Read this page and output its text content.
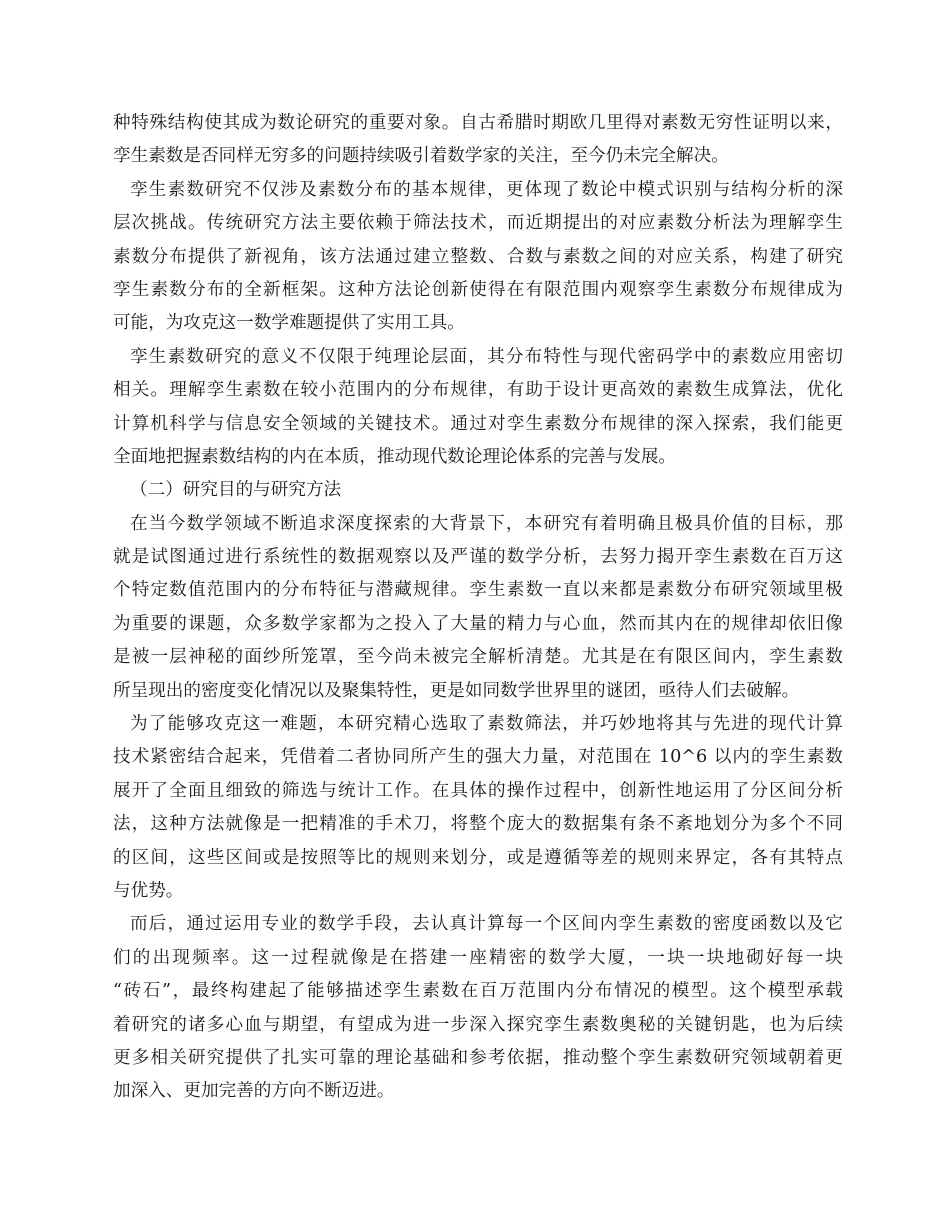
种特殊结构使其成为数论研究的重要对象。自古希腊时期欧几里得对素数无穷性证明以来，
孪生素数是否同样无穷多的问题持续吸引着数学家的关注，至今仍未完全解决。
孪生素数研究不仅涉及素数分布的基本规律，更体现了数论中模式识别与结构分析的深
层次挑战。传统研究方法主要依赖于筛法技术，而近期提出的对应素数分析法为理解孪生
素数分布提供了新视角，该方法通过建立整数、合数与素数之间的对应关系，构建了研究
孪生素数分布的全新框架。这种方法论创新使得在有限范围内观察孪生素数分布规律成为
可能，为攻克这一数学难题提供了实用工具。
孪生素数研究的意义不仅限于纯理论层面，其分布特性与现代密码学中的素数应用密切
相关。理解孪生素数在较小范围内的分布规律，有助于设计更高效的素数生成算法，优化
计算机科学与信息安全领域的关键技术。通过对孪生素数分布规律的深入探索，我们能更
全面地把握素数结构的内在本质，推动现代数论理论体系的完善与发展。
（二）研究目的与研究方法
在当今数学领域不断追求深度探索的大背景下，本研究有着明确且极具价值的目标，那
就是试图通过进行系统性的数据观察以及严谨的数学分析，去努力揭开孪生素数在百万这
个特定数值范围内的分布特征与潜藏规律。孪生素数一直以来都是素数分布研究领域里极
为重要的课题，众多数学家都为之投入了大量的精力与心血，然而其内在的规律却依旧像
是被一层神秘的面纱所笼罩，至今尚未被完全解析清楚。尤其是在有限区间内，孪生素数
所呈现出的密度变化情况以及聚集特性，更是如同数学世界里的谜团，亟待人们去破解。
为了能够攻克这一难题，本研究精心选取了素数筛法，并巧妙地将其与先进的现代计算
技术紧密结合起来，凭借着二者协同所产生的强大力量，对范围在 10^6 以内的孪生素数
展开了全面且细致的筛选与统计工作。在具体的操作过程中，创新性地运用了分区间分析
法，这种方法就像是一把精准的手术刀，将整个庞大的数据集有条不紊地划分为多个不同
的区间，这些区间或是按照等比的规则来划分，或是遵循等差的规则来界定，各有其特点
与优势。
而后，通过运用专业的数学手段，去认真计算每一个区间内孪生素数的密度函数以及它
们的出现频率。这一过程就像是在搭建一座精密的数学大厦，一块一块地砌好每一块
“砖石”，最终构建起了能够描述孪生素数在百万范围内分布情况的模型。这个模型承载
着研究的诸多心血与期望，有望成为进一步深入探究孪生素数奥秘的关键钥匙，也为后续
更多相关研究提供了扎实可靠的理论基础和参考依据，推动整个孪生素数研究领域朝着更
加深入、更加完善的方向不断迈进。
